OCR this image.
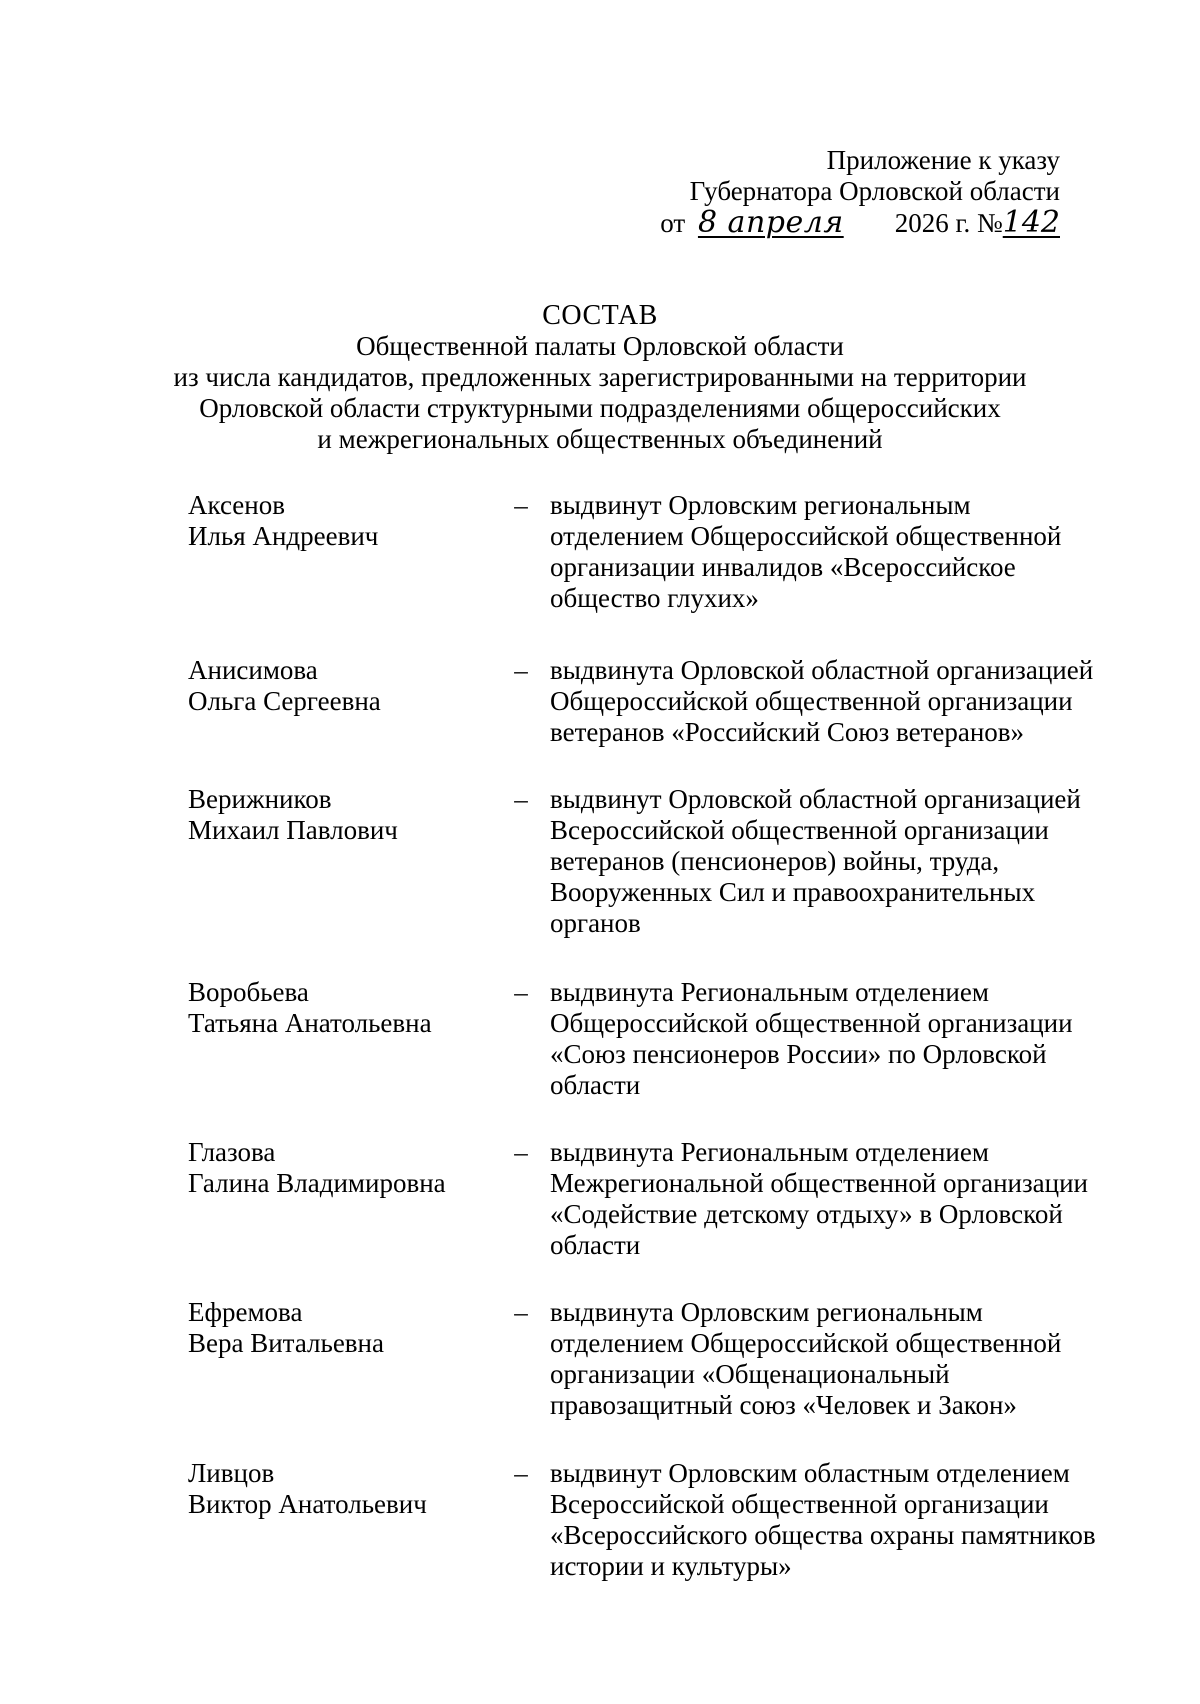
Приложение к указу
Губернатора Орловской области
от 8 апреля 2026 г. №142
СОСТАВ
Общественной палаты Орловской области
из числа кандидатов, предложенных зарегистрированными на территории
Орловской области структурными подразделениями общероссийских
и межрегиональных общественных объединений
Аксенов
Илья Андреевич
– выдвинут Орловским региональным
отделением Общероссийской общественной
организации инвалидов «Всероссийское
общество глухих»
Анисимова
Ольга Сергеевна
– выдвинута Орловской областной организацией
Общероссийской общественной организации
ветеранов «Российский Союз ветеранов»
Верижников
Михаил Павлович
– выдвинут Орловской областной организацией
Всероссийской общественной организации
ветеранов (пенсионеров) войны, труда,
Вооруженных Сил и правоохранительных
органов
Воробьева
Татьяна Анатольевна
– выдвинута Региональным отделением
Общероссийской общественной организации
«Союз пенсионеров России» по Орловской
области
Глазова
Галина Владимировна
– выдвинута Региональным отделением
Межрегиональной общественной организации
«Содействие детскому отдыху» в Орловской
области
Ефремова
Вера Витальевна
– выдвинута Орловским региональным
отделением Общероссийской общественной
организации «Общенациональный
правозащитный союз «Человек и Закон»
Ливцов
Виктор Анатольевич
– выдвинут Орловским областным отделением
Всероссийской общественной организации
«Всероссийского общества охраны памятников
истории и культуры»
